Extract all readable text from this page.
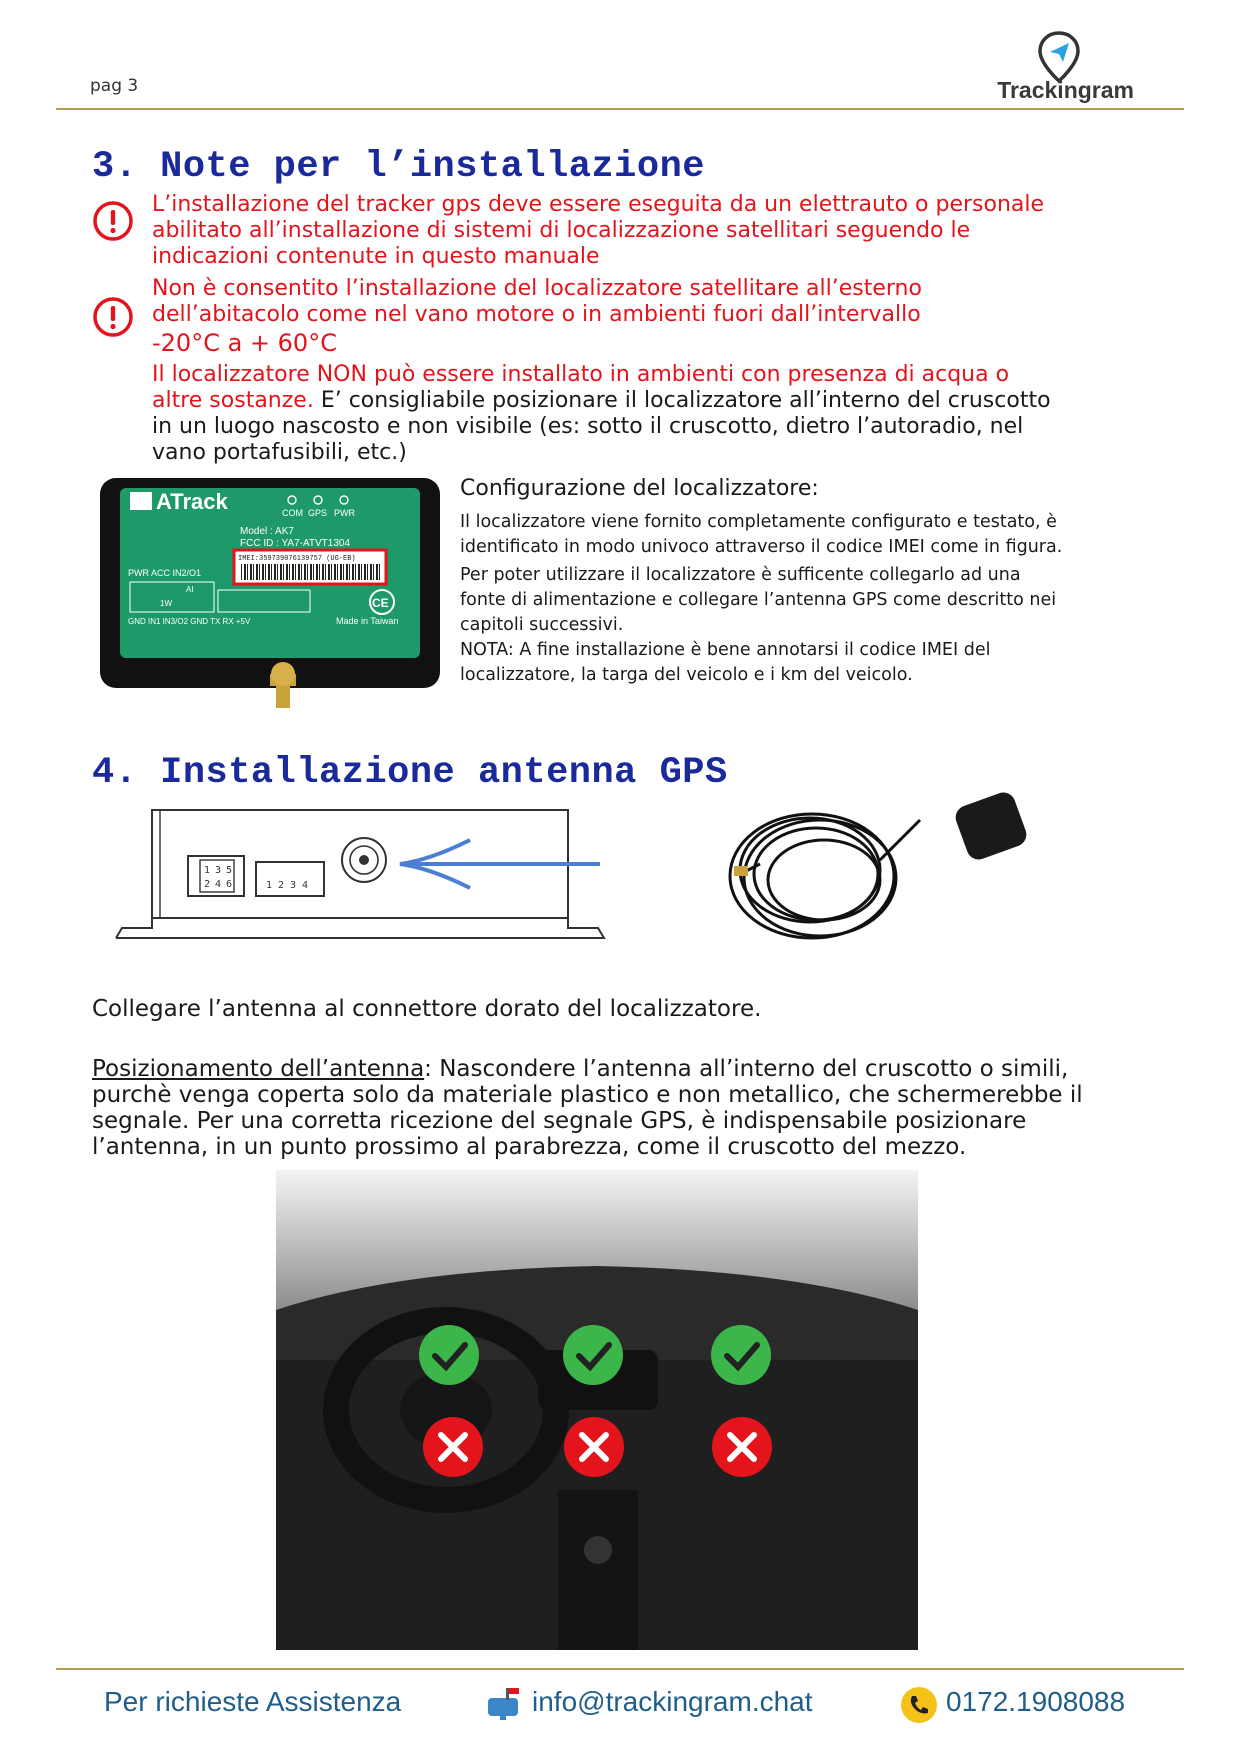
pag 3	Trackingram
3. Note per l’installazione
L’installazione del tracker gps deve essere eseguita da un elettrauto o personale
abilitato all’installazione di sistemi di localizzazione satellitari seguendo le
indicazioni contenute in questo manuale
Non è consentito l’installazione del localizzatore satellitare all’esterno
dell’abitacolo come nel vano motore o in ambienti fuori dall’intervallo
-20°C a + 60°C
Il localizzatore NON può essere installato in ambienti con presenza di acqua o
altre sostanze. E’ consigliabile posizionare il localizzatore all’interno del cruscotto
in un luogo nascosto e non visibile (es: sotto il cruscotto, dietro l’autoradio, nel
vano portafusibili, etc.)
ATrack	COM GPS PWR
Model : AK7
FCC ID : YA7-ATVT1304
IMEI:359739076139757 (UG-EB)
PWR ACC IN2/O1
AI
1W
GND IN1 IN3/O2 GND TX RX +5V
CE
Made in Taiwan
Configurazione del localizzatore:
Il localizzatore viene fornito completamente configurato e testato, è
identificato in modo univoco attraverso il codice IMEI come in figura.
Per poter utilizzare il localizzatore è sufficente collegarlo ad una
fonte di alimentazione e collegare l’antenna GPS come descritto nei
capitoli successivi.
NOTA: A fine installazione è bene annotarsi il codice IMEI del
localizzatore, la targa del veicolo e i km del veicolo.
4. Installazione antenna GPS
1 3 5
2 4 6	1 2 3 4
Collegare l’antenna al connettore dorato del localizzatore.
Posizionamento dell’antenna: Nascondere l’antenna all’interno del cruscotto o simili,
purchè venga coperta solo da materiale plastico e non metallico, che schermerebbe il
segnale. Per una corretta ricezione del segnale GPS, è indispensabile posizionare
l’antenna, in un punto prossimo al parabrezza, come il cruscotto del mezzo.
Per richieste Assistenza	info@trackingram.chat	0172.1908088
